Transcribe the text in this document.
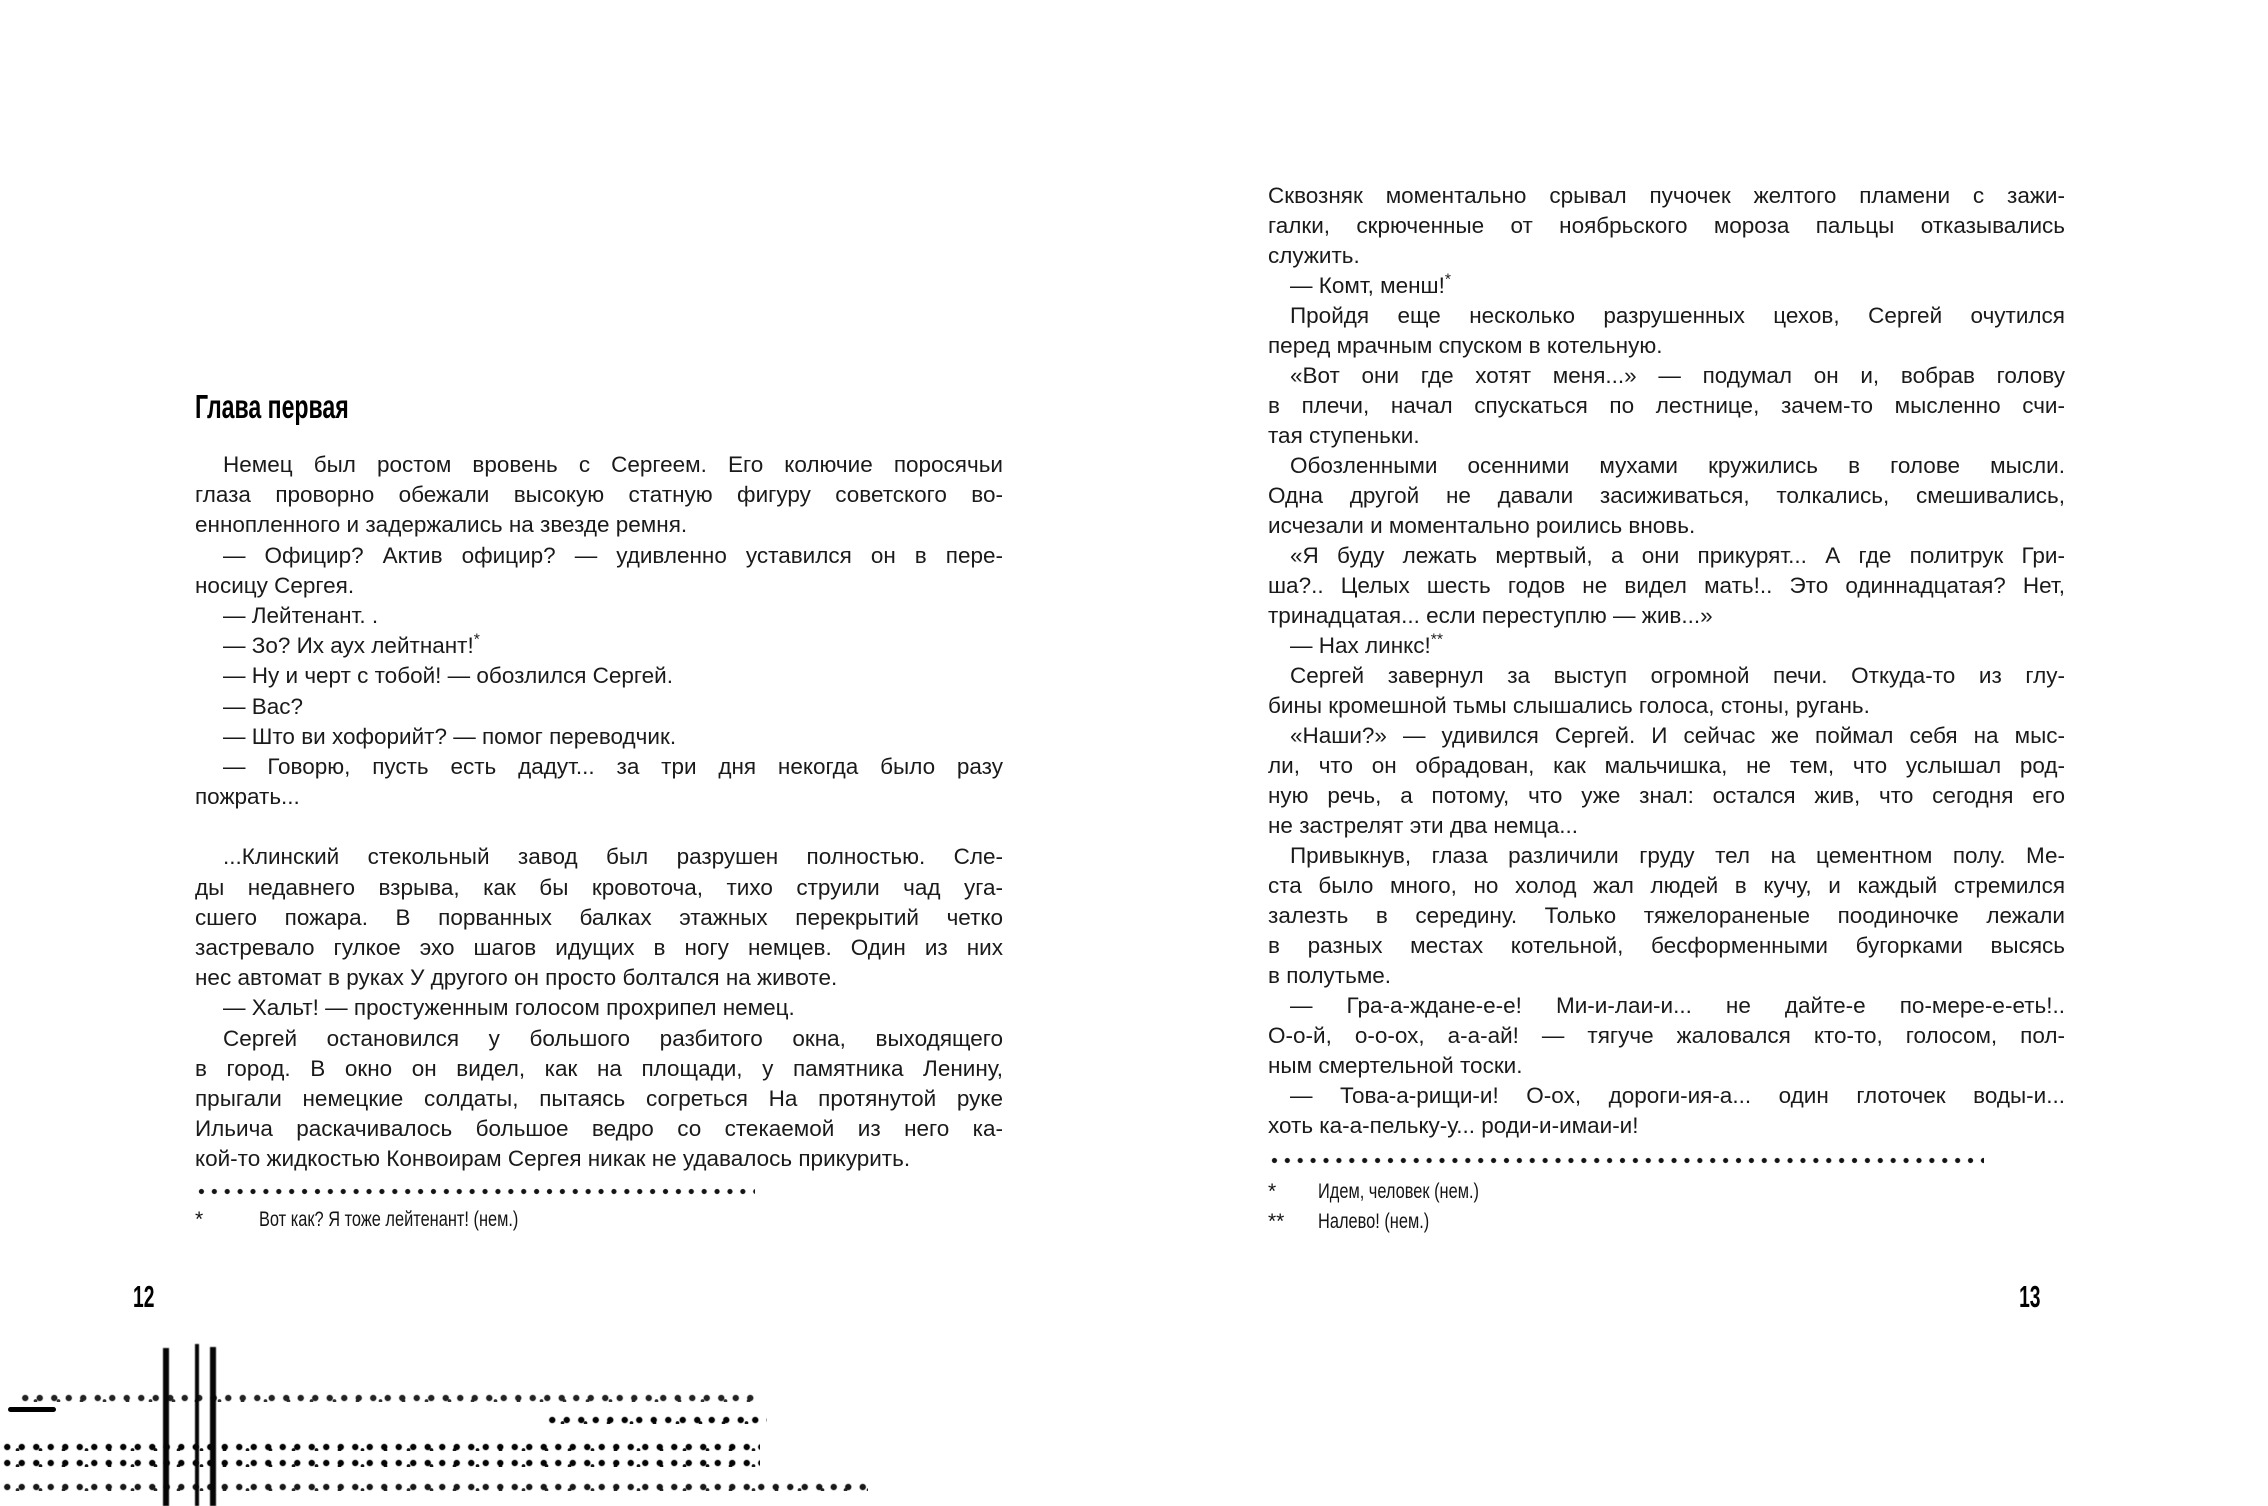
Глава первая
Немец был ростом вровень с Сергеем. Его колючие поросячьи
глаза проворно обежали высокую статную фигуру советского во-
еннопленного и задержались на звезде ремня.
— Официр? Актив официр? — удивленно уставился он в пере-
носицу Сергея.
— Лейтенант. .
— Зо? Их аух лейтнант!*
— Ну и черт с тобой! — обозлился Сергей.
— Вас?
— Што ви хофорийт? — помог переводчик.
— Говорю, пусть есть дадут... за три дня некогда было разу
пожрать...
...Клинский стекольный завод был разрушен полностью. Сле-
ды недавнего взрыва, как бы кровоточа, тихо струили чад уга-
сшего пожара. В порванных балках этажных перекрытий четко
застревало гулкое эхо шагов идущих в ногу немцев. Один из них
нес автомат в руках У другого он просто болтался на животе.
— Хальт! — простуженным голосом прохрипел немец.
Сергей остановился у большого разбитого окна, выходящего
в город. В окно он видел, как на площади, у памятника Ленину,
прыгали немецкие солдаты, пытаясь согреться На протянутой руке
Ильича раскачивалось большое ведро со стекаемой из него ка-
кой-то жидкостью Конвоирам Сергея никак не удавалось прикурить.
*	Вот как? Я тоже лейтенант! (нем.)
12
Сквозняк моментально срывал пучочек желтого пламени с зажи-
галки, скрюченные от ноябрьского мороза пальцы отказывались
служить.
— Комт, менш!*
Пройдя еще несколько разрушенных цехов, Сергей очутился
перед мрачным спуском в котельную.
«Вот они где хотят меня...» — подумал он и, вобрав голову
в плечи, начал спускаться по лестнице, зачем-то мысленно счи-
тая ступеньки.
Обозленными осенними мухами кружились в голове мысли.
Одна другой не давали засиживаться, толкались, смешивались,
исчезали и моментально роились вновь.
«Я буду лежать мертвый, а они прикурят... А где политрук Гри-
ша?.. Целых шесть годов не видел мать!.. Это одиннадцатая? Нет,
тринадцатая... если переступлю — жив...»
— Нах линкс!**
Сергей завернул за выступ огромной печи. Откуда-то из глу-
бины кромешной тьмы слышались голоса, стоны, ругань.
«Наши?» — удивился Сергей. И сейчас же поймал себя на мыс-
ли, что он обрадован, как мальчишка, не тем, что услышал род-
ную речь, а потому, что уже знал: остался жив, что сегодня его
не застрелят эти два немца...
Привыкнув, глаза различили груду тел на цементном полу. Ме-
ста было много, но холод жал людей в кучу, и каждый стремился
залезть в середину. Только тяжелораненые поодиночке лежали
в разных местах котельной, бесформенными бугорками высясь
в полутьме.
— Гра-а-ждане-е-е! Ми-и-лаи-и... не дайте-е по-мере-е-еть!..
О-о-й, о-о-ох, а-а-ай! — тягуче жаловался кто-то, голосом, пол-
ным смертельной тоски.
— Това-а-рищи-и! О-ох, дороги-ия-а... один глоточек воды-и...
хоть ка-а-пельку-у... роди-и-имаи-и!
* Идем, человек (нем.)
** Налево! (нем.)
13
